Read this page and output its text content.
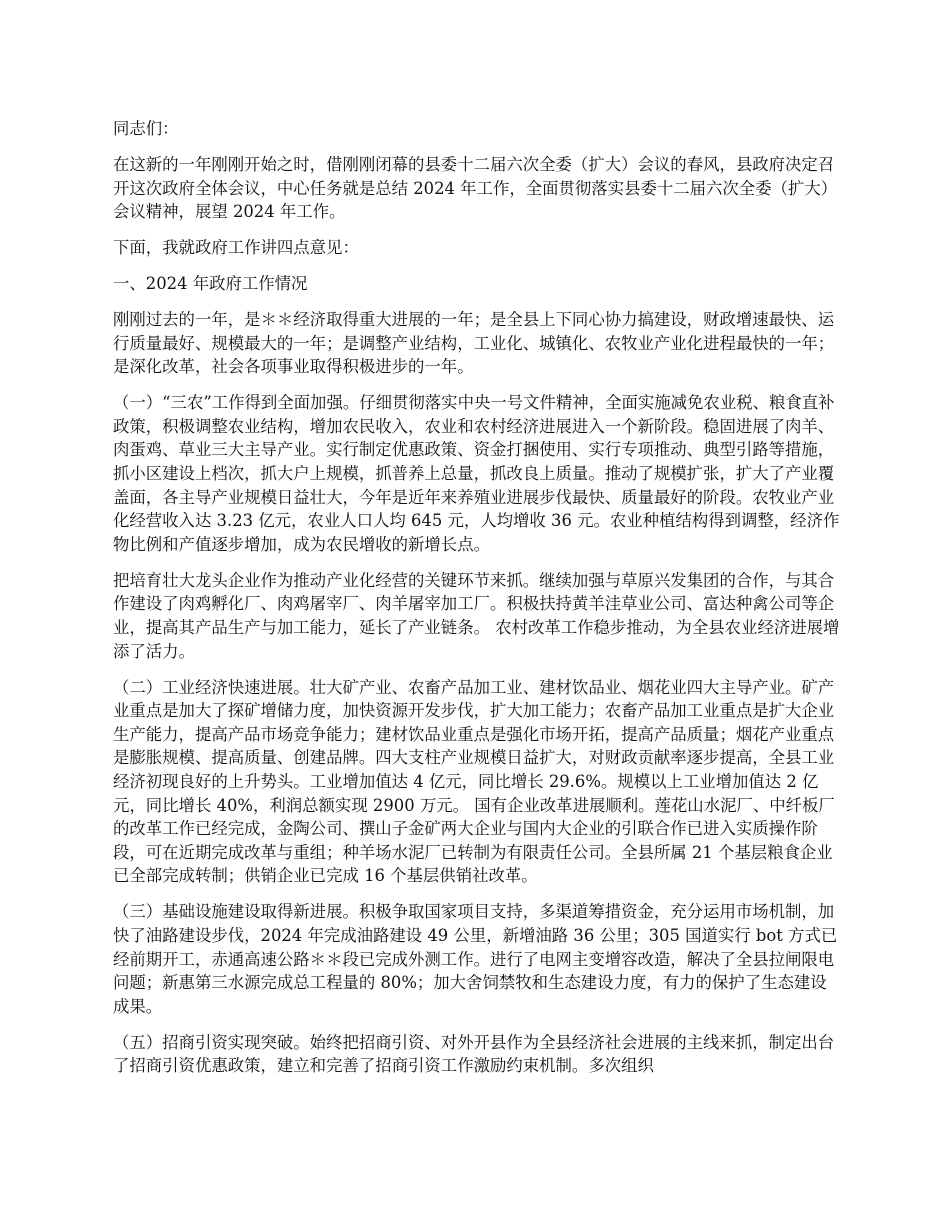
同志们：

在这新的一年刚刚开始之时，借刚刚闭幕的县委十二届六次全委（扩大）会议的春风，县政府决定召开这次政府全体会议，中心任务就是总结 2024 年工作，全面贯彻落实县委十二届六次全委（扩大）会议精神，展望 2024 年工作。

下面，我就政府工作讲四点意见：

一、2024 年政府工作情况

刚刚过去的一年，是＊＊经济取得重大进展的一年；是全县上下同心协力搞建设，财政增速最快、运行质量最好、规模最大的一年；是调整产业结构，工业化、城镇化、农牧业产业化进程最快的一年；是深化改革，社会各项事业取得积极进步的一年。

（一）“三农”工作得到全面加强。仔细贯彻落实中央一号文件精神，全面实施减免农业税、粮食直补政策，积极调整农业结构，增加农民收入，农业和农村经济进展进入一个新阶段。稳固进展了肉羊、肉蛋鸡、草业三大主导产业。实行制定优惠政策、资金打捆使用、实行专项推动、典型引路等措施，抓小区建设上档次，抓大户上规模，抓普养上总量，抓改良上质量。推动了规模扩张，扩大了产业覆盖面，各主导产业规模日益壮大，今年是近年来养殖业进展步伐最快、质量最好的阶段。农牧业产业化经营收入达 3.23 亿元，农业人口人均 645 元，人均增收 36 元。农业种植结构得到调整，经济作物比例和产值逐步增加，成为农民增收的新增长点。

把培育壮大龙头企业作为推动产业化经营的关键环节来抓。继续加强与草原兴发集团的合作，与其合作建设了肉鸡孵化厂、肉鸡屠宰厂、肉羊屠宰加工厂。积极扶持黄羊洼草业公司、富达种禽公司等企业，提高其产品生产与加工能力，延长了产业链条。 农村改革工作稳步推动，为全县农业经济进展增添了活力。

（二）工业经济快速进展。壮大矿产业、农畜产品加工业、建材饮品业、烟花业四大主导产业。矿产业重点是加大了探矿增储力度，加快资源开发步伐，扩大加工能力；农畜产品加工业重点是扩大企业生产能力，提高产品市场竞争能力；建材饮品业重点是强化市场开拓，提高产品质量；烟花产业重点是膨胀规模、提高质量、创建品牌。四大支柱产业规模日益扩大，对财政贡献率逐步提高，全县工业经济初现良好的上升势头。工业增加值达 4 亿元，同比增长 29.6%。规模以上工业增加值达 2 亿元，同比增长 40%，利润总额实现 2900 万元。 国有企业改革进展顺利。莲花山水泥厂、中纤板厂的改革工作已经完成，金陶公司、撰山子金矿两大企业与国内大企业的引联合作已进入实质操作阶段，可在近期完成改革与重组；种羊场水泥厂已转制为有限责任公司。全县所属 21 个基层粮食企业已全部完成转制；供销企业已完成 16 个基层供销社改革。

（三）基础设施建设取得新进展。积极争取国家项目支持，多渠道筹措资金，充分运用市场机制，加快了油路建设步伐，2024 年完成油路建设 49 公里，新增油路 36 公里；305 国道实行 bot 方式已经前期开工，赤通高速公路＊＊段已完成外测工作。进行了电网主变增容改造，解决了全县拉闸限电问题；新惠第三水源完成总工程量的 80%；加大舍饲禁牧和生态建设力度，有力的保护了生态建设成果。

（五）招商引资实现突破。始终把招商引资、对外开县作为全县经济社会进展的主线来抓，制定出台了招商引资优惠政策，建立和完善了招商引资工作激励约束机制。多次组织
